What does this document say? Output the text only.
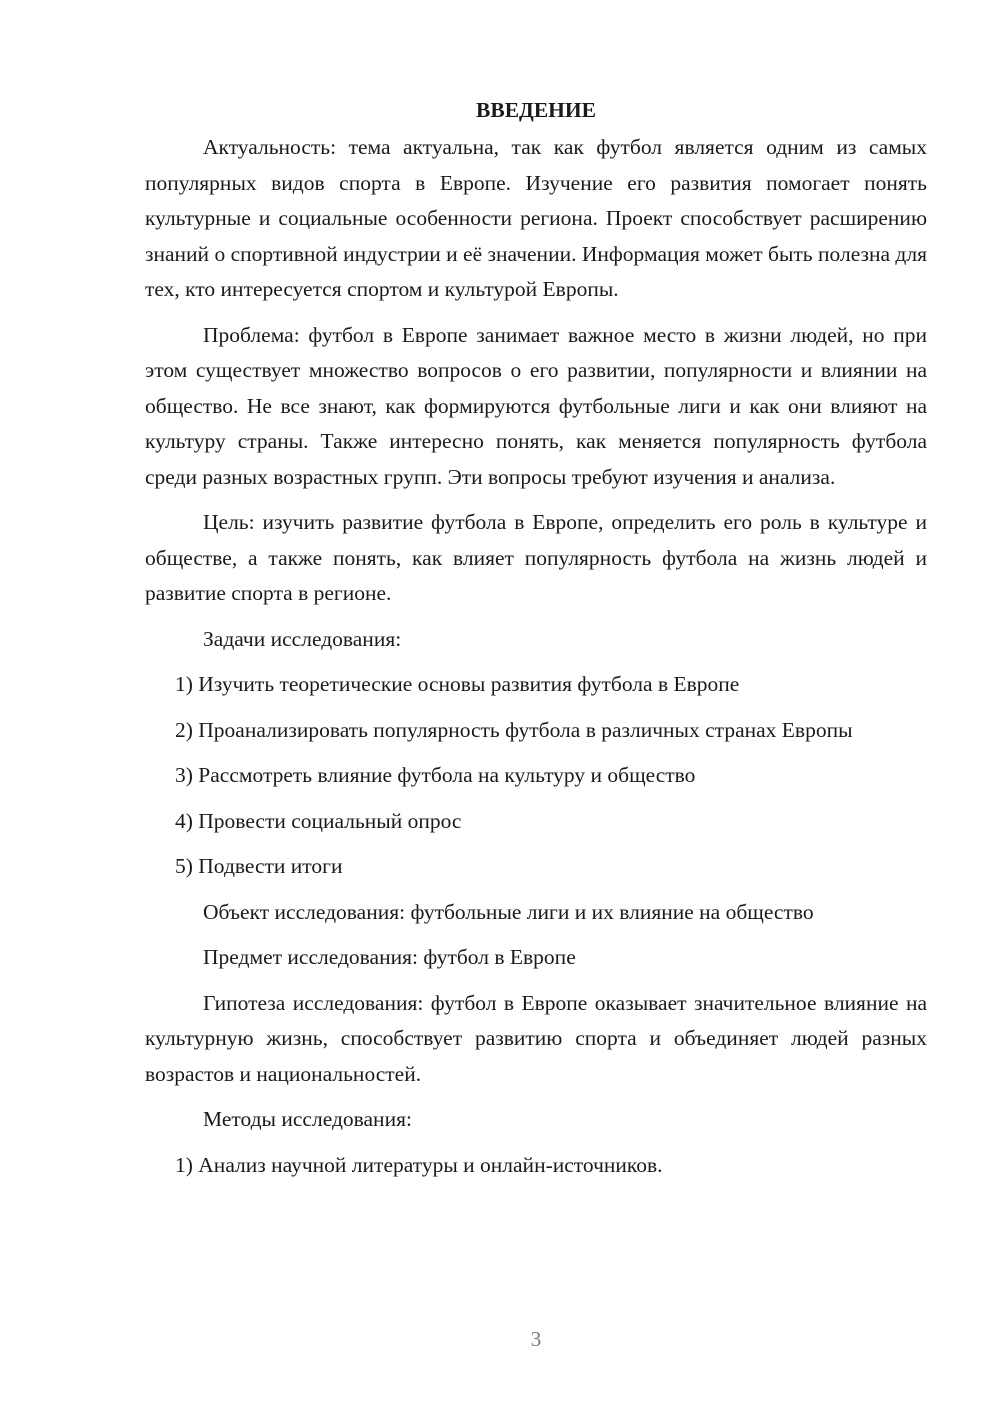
ВВЕДЕНИЕ

Актуальность: тема актуальна, так как футбол является одним из самых популярных видов спорта в Европе. Изучение его развития помогает понять культурные и социальные особенности региона. Проект способствует расширению знаний о спортивной индустрии и её значении. Информация может быть полезна для тех, кто интересуется спортом и культурой Европы.

Проблема: футбол в Европе занимает важное место в жизни людей, но при этом существует множество вопросов о его развитии, популярности и влиянии на общество. Не все знают, как формируются футбольные лиги и как они влияют на культуру страны. Также интересно понять, как меняется популярность футбола среди разных возрастных групп. Эти вопросы требуют изучения и анализа.

Цель: изучить развитие футбола в Европе, определить его роль в культуре и обществе, а также понять, как влияет популярность футбола на жизнь людей и развитие спорта в регионе.

Задачи исследования:

1) Изучить теоретические основы развития футбола в Европе

2) Проанализировать популярность футбола в различных странах Европы

3) Рассмотреть влияние футбола на культуру и общество

4) Провести социальный опрос

5) Подвести итоги

Объект исследования: футбольные лиги и их влияние на общество

Предмет исследования: футбол в Европе

Гипотеза исследования: футбол в Европе оказывает значительное влияние на культурную жизнь, способствует развитию спорта и объединяет людей разных возрастов и национальностей.

Методы исследования:

1) Анализ научной литературы и онлайн-источников.

3
